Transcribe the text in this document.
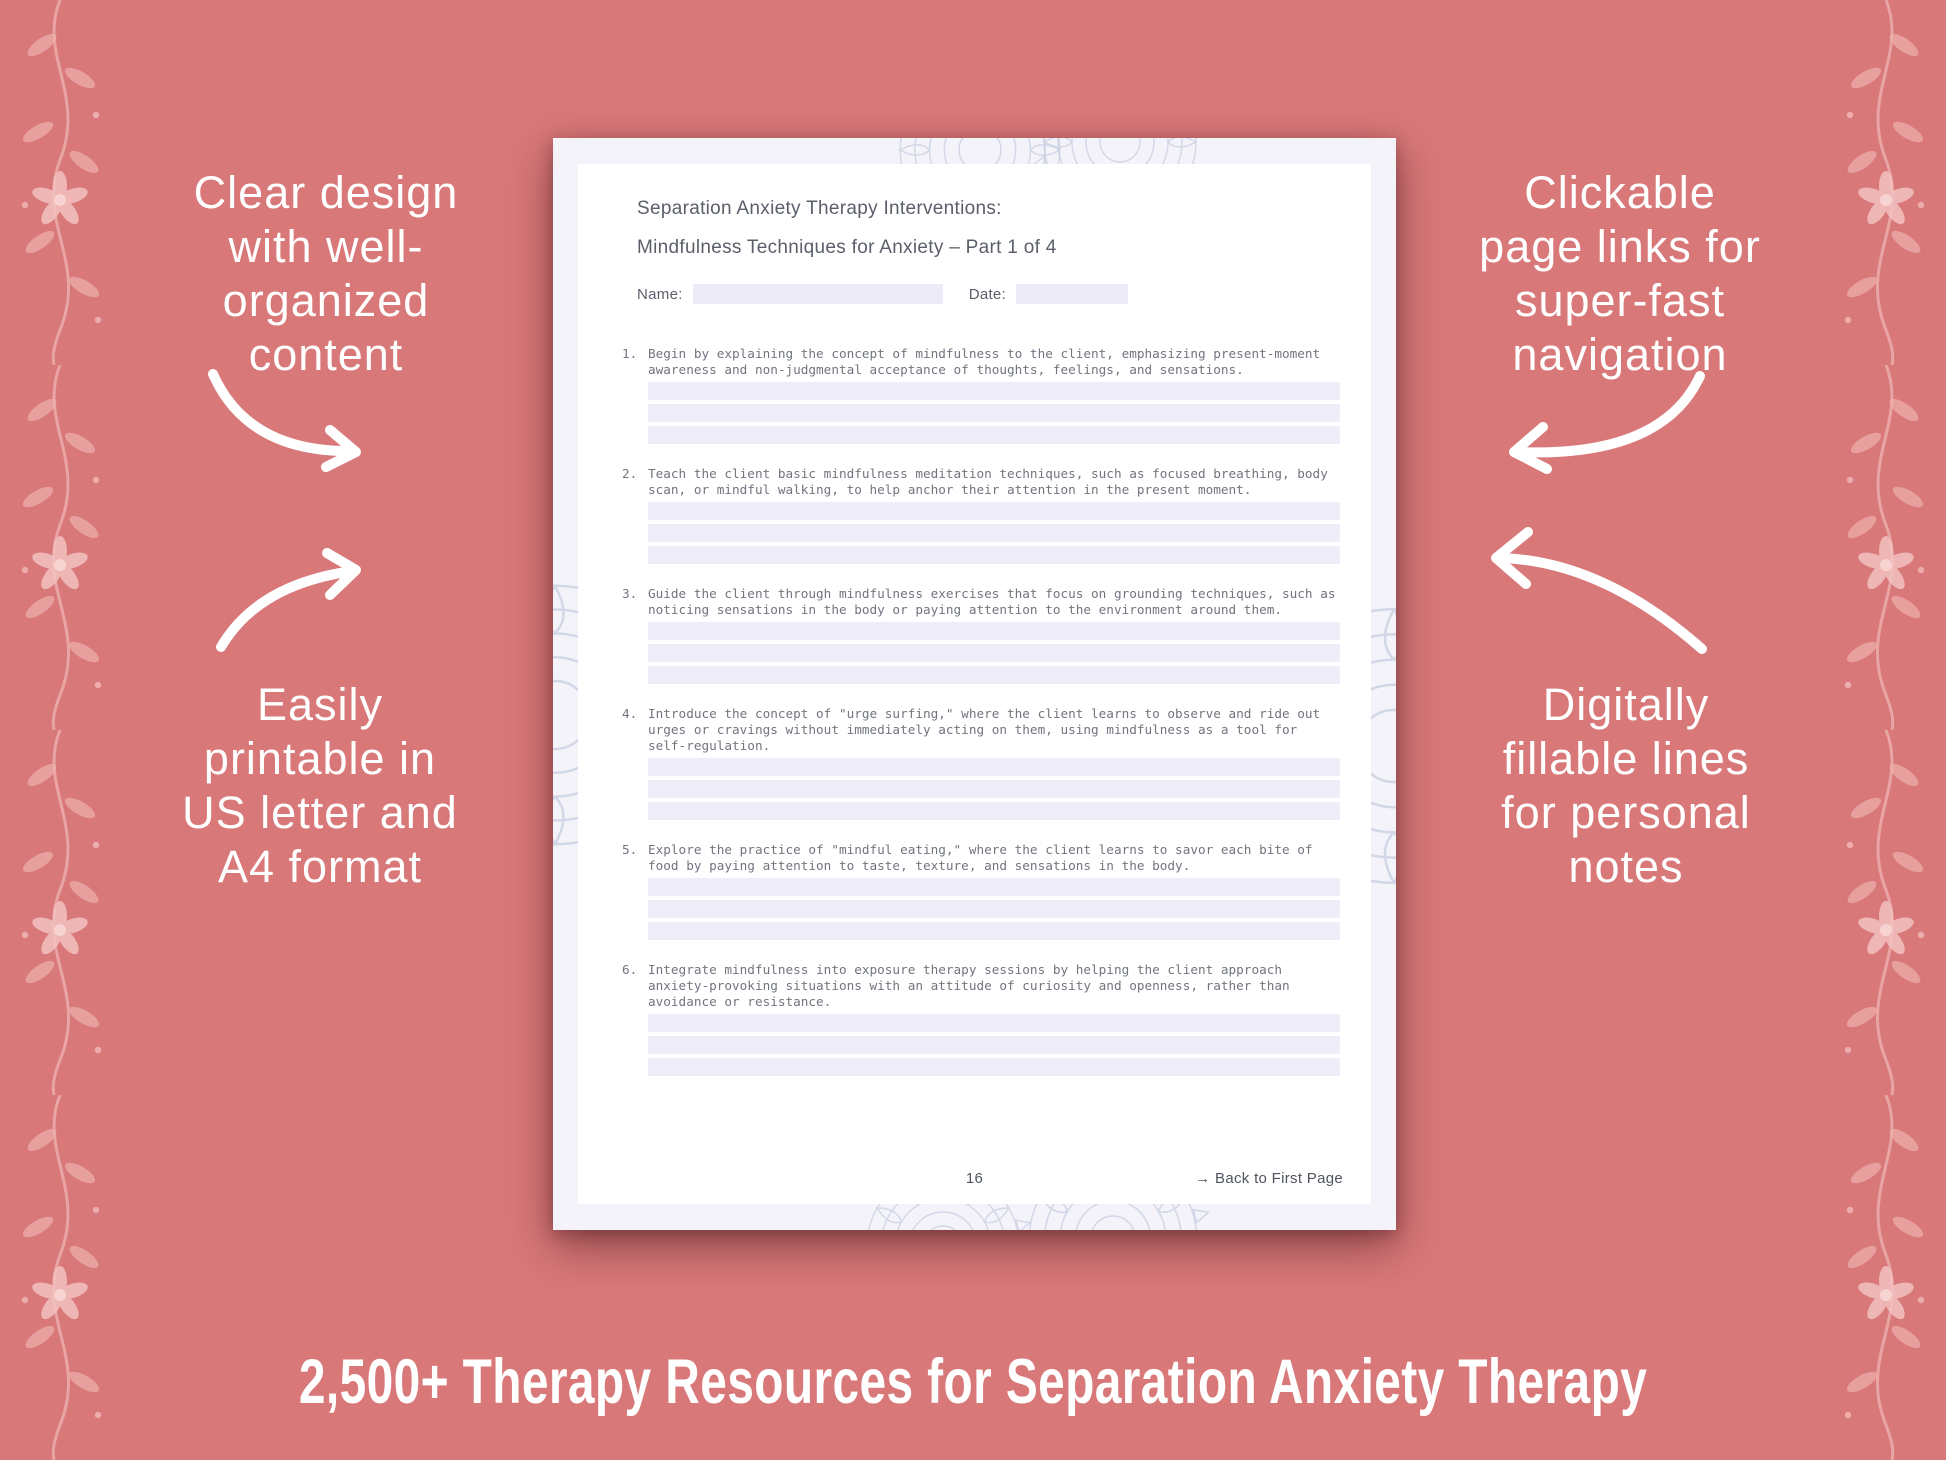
Clear design
with well-
organized
content
Easily
printable in
US letter and
A4 format
Clickable
page links for
super-fast
navigation
Digitally
fillable lines
for personal
notes
Separation Anxiety Therapy Interventions:
Mindfulness Techniques for Anxiety – Part 1 of 4
Name:	Date:
1. Begin by explaining the concept of mindfulness to the client, emphasizing present-moment awareness and non-judgmental acceptance of thoughts, feelings, and sensations.
2. Teach the client basic mindfulness meditation techniques, such as focused breathing, body scan, or mindful walking, to help anchor their attention in the present moment.
3. Guide the client through mindfulness exercises that focus on grounding techniques, such as noticing sensations in the body or paying attention to the environment around them.
4. Introduce the concept of "urge surfing," where the client learns to observe and ride out urges or cravings without immediately acting on them, using mindfulness as a tool for self-regulation.
5. Explore the practice of "mindful eating," where the client learns to savor each bite of food by paying attention to taste, texture, and sensations in the body.
6. Integrate mindfulness into exposure therapy sessions by helping the client approach anxiety-provoking situations with an attitude of curiosity and openness, rather than avoidance or resistance.
16	→ Back to First Page
2,500+ Therapy Resources for Separation Anxiety Therapy
